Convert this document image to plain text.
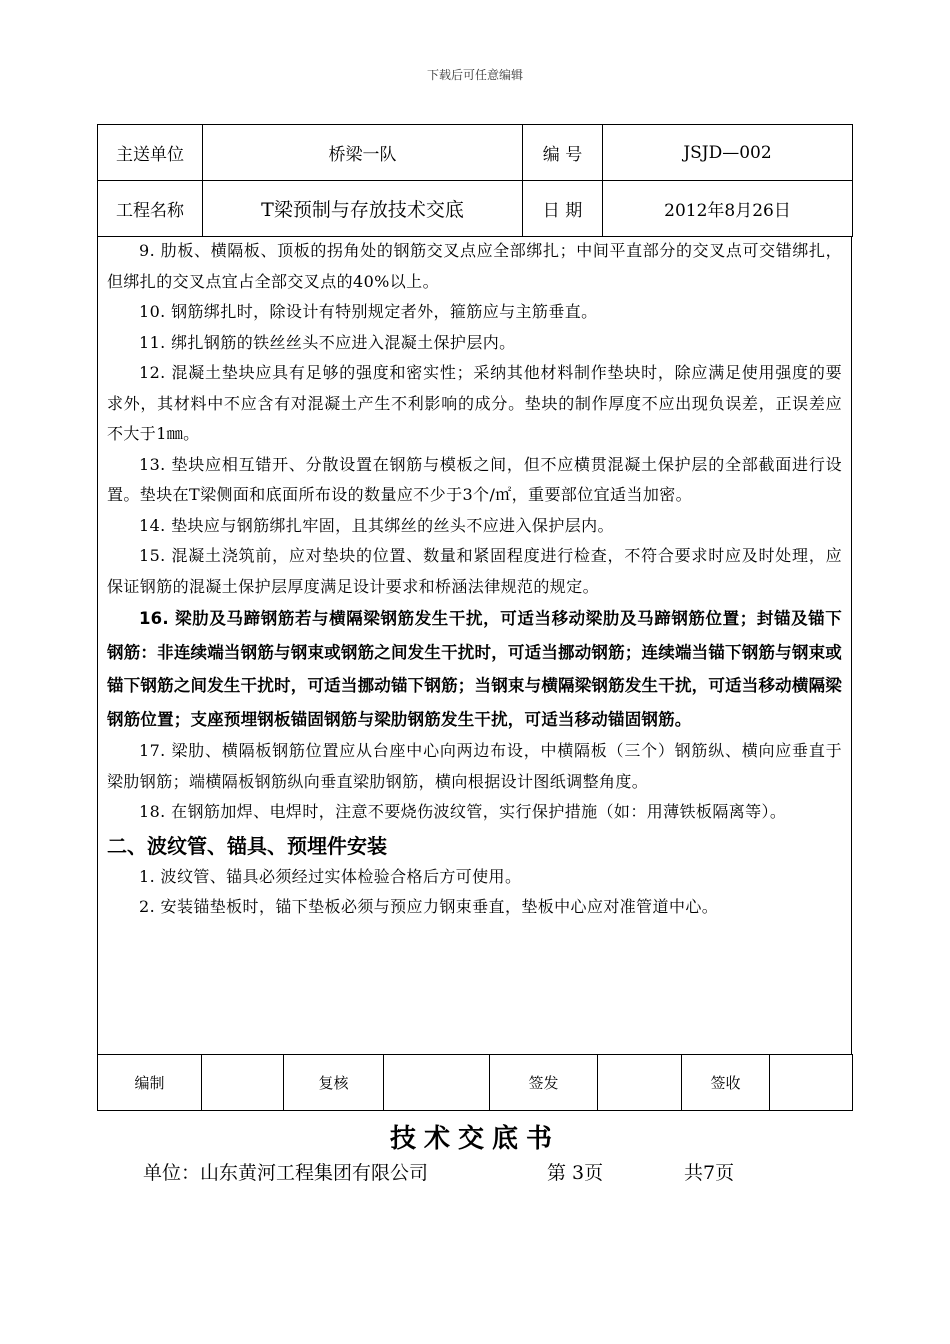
下载后可任意编辑
主送单位	桥梁一队	编 号	JSJD—002
工程名称	T梁预制与存放技术交底	日 期	2012年8月26日

9. 肋板、横隔板、顶板的拐角处的钢筋交叉点应全部绑扎；中间平直部分的交叉点可交错绑扎，但绑扎的交叉点宜占全部交叉点的40%以上。

10. 钢筋绑扎时，除设计有特别规定者外，箍筋应与主筋垂直。

11. 绑扎钢筋的铁丝丝头不应进入混凝土保护层内。

12. 混凝土垫块应具有足够的强度和密实性；采纳其他材料制作垫块时，除应满足使用强度的要求外，其材料中不应含有对混凝土产生不利影响的成分。垫块的制作厚度不应出现负误差，正误差应不大于1㎜。

13. 垫块应相互错开、分散设置在钢筋与模板之间，但不应横贯混凝土保护层的全部截面进行设置。垫块在T梁侧面和底面所布设的数量应不少于3个/㎡，重要部位宜适当加密。

14. 垫块应与钢筋绑扎牢固，且其绑丝的丝头不应进入保护层内。

15. 混凝土浇筑前，应对垫块的位置、数量和紧固程度进行检查，不符合要求时应及时处理，应保证钢筋的混凝土保护层厚度满足设计要求和桥涵法律规范的规定。

16. 梁肋及马蹄钢筋若与横隔梁钢筋发生干扰，可适当移动梁肋及马蹄钢筋位置；封锚及锚下钢筋：非连续端当钢筋与钢束或钢筋之间发生干扰时，可适当挪动钢筋；连续端当锚下钢筋与钢束或锚下钢筋之间发生干扰时，可适当挪动锚下钢筋；当钢束与横隔梁钢筋发生干扰，可适当移动横隔梁钢筋位置；支座预埋钢板锚固钢筋与梁肋钢筋发生干扰，可适当移动锚固钢筋。

17. 梁肋、横隔板钢筋位置应从台座中心向两边布设，中横隔板（三个）钢筋纵、横向应垂直于梁肋钢筋；端横隔板钢筋纵向垂直梁肋钢筋，横向根据设计图纸调整角度。

18. 在钢筋加焊、电焊时，注意不要烧伤波纹管，实行保护措施（如：用薄铁板隔离等）。

二、波纹管、锚具、预埋件安装

1. 波纹管、锚具必须经过实体检验合格后方可使用。

2. 安装锚垫板时，锚下垫板必须与预应力钢束垂直，垫板中心应对准管道中心。

编制		复核		签发		签收	
技术交底书
单位：山东黄河工程集团有限公司	第 3页	共7页
